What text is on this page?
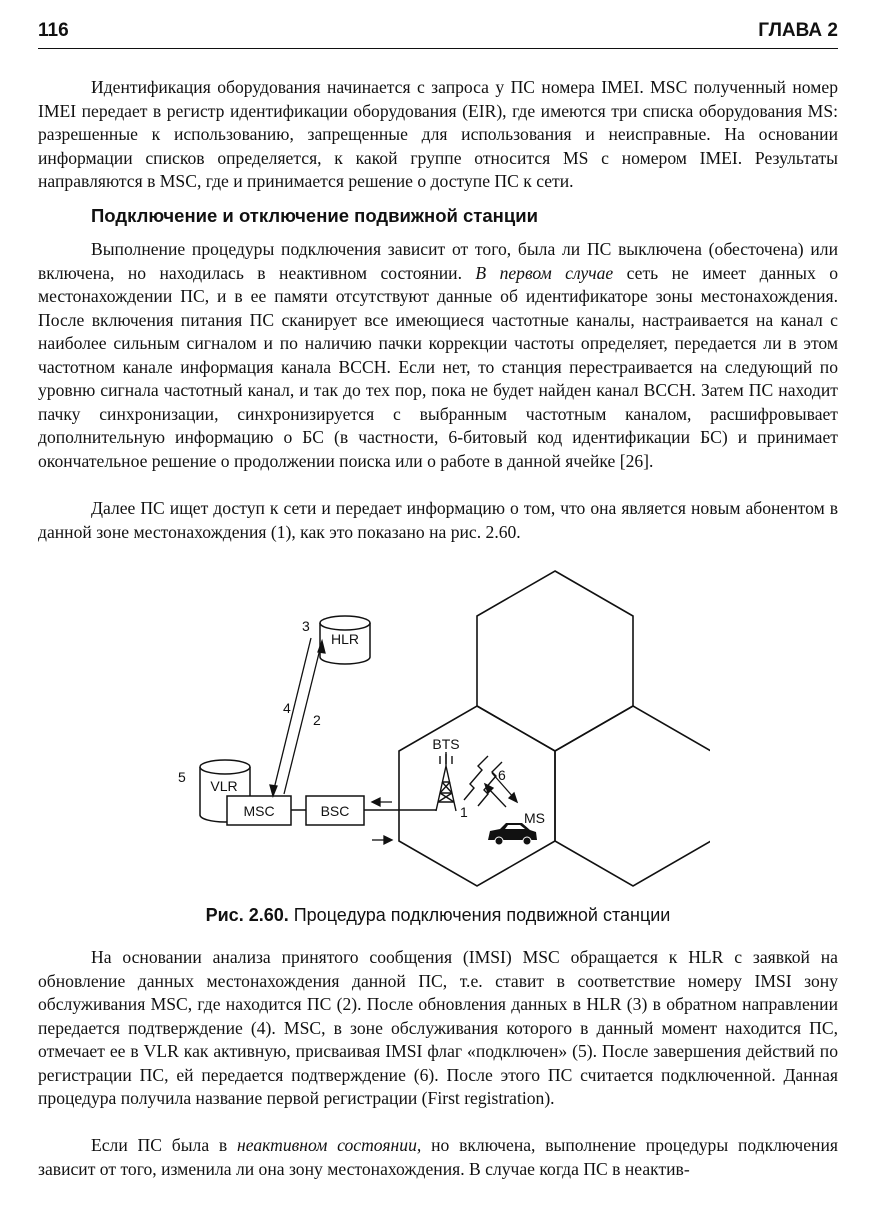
116	ГЛАВА 2

Идентификация оборудования начинается с запроса у ПС номера IMEI. MSC полученный номер IMEI передает в регистр идентификации оборудования (EIR), где имеются три списка оборудования MS: разрешенные к использованию, запрещенные для использования и неисправные. На основании информации списков определяется, к какой группе относится MS с номером IMEI. Результаты направляются в MSC, где и принимается решение о доступе ПС к сети.

Подключение и отключение подвижной станции

Выполнение процедуры подключения зависит от того, была ли ПС выключена (обесточена) или включена, но находилась в неактивном состоянии. В первом случае сеть не имеет данных о местонахождении ПС, и в ее памяти отсутствуют данные об идентификаторе зоны местонахождения. После включения питания ПС сканирует все имеющиеся частотные каналы, настраивается на канал с наиболее сильным сигналом и по наличию пачки коррекции частоты определяет, передается ли в этом частотном канале информация канала BCCH. Если нет, то станция перестраивается на следующий по уровню сигнала частотный канал, и так до тех пор, пока не будет найден канал BCCH. Затем ПС находит пачку синхронизации, синхронизируется с выбранным частотным каналом, расшифровывает дополнительную информацию о БС (в частности, 6-битовый код идентификации БС) и принимает окончательное решение о продолжении поиска или о работе в данной ячейке [26].

Далее ПС ищет доступ к сети и передает информацию о том, что она является новым абонентом в данной зоне местонахождения (1), как это показано на рис. 2.60.

HLR
3
VLR
5
MSC	BSC
4
2
BTS
1
6
MS
Рис. 2.60. Процедура подключения подвижной станции

На основании анализа принятого сообщения (IMSI) MSC обращается к HLR с заявкой на обновление данных местонахождения данной ПС, т.е. ставит в соответствие номеру IMSI зону обслуживания MSC, где находится ПС (2). После обновления данных в HLR (3) в обратном направлении передается подтверждение (4). MSC, в зоне обслуживания которого в данный момент находится ПС, отмечает ее в VLR как активную, присваивая IMSI флаг «подключен» (5). После завершения действий по регистрации ПС, ей передается подтверждение (6). После этого ПС считается подключенной. Данная процедура получила название первой регистрации (First registration).

Если ПС была в неактивном состоянии, но включена, выполнение процедуры подключения зависит от того, изменила ли она зону местонахождения. В случае когда ПС в неактив-
